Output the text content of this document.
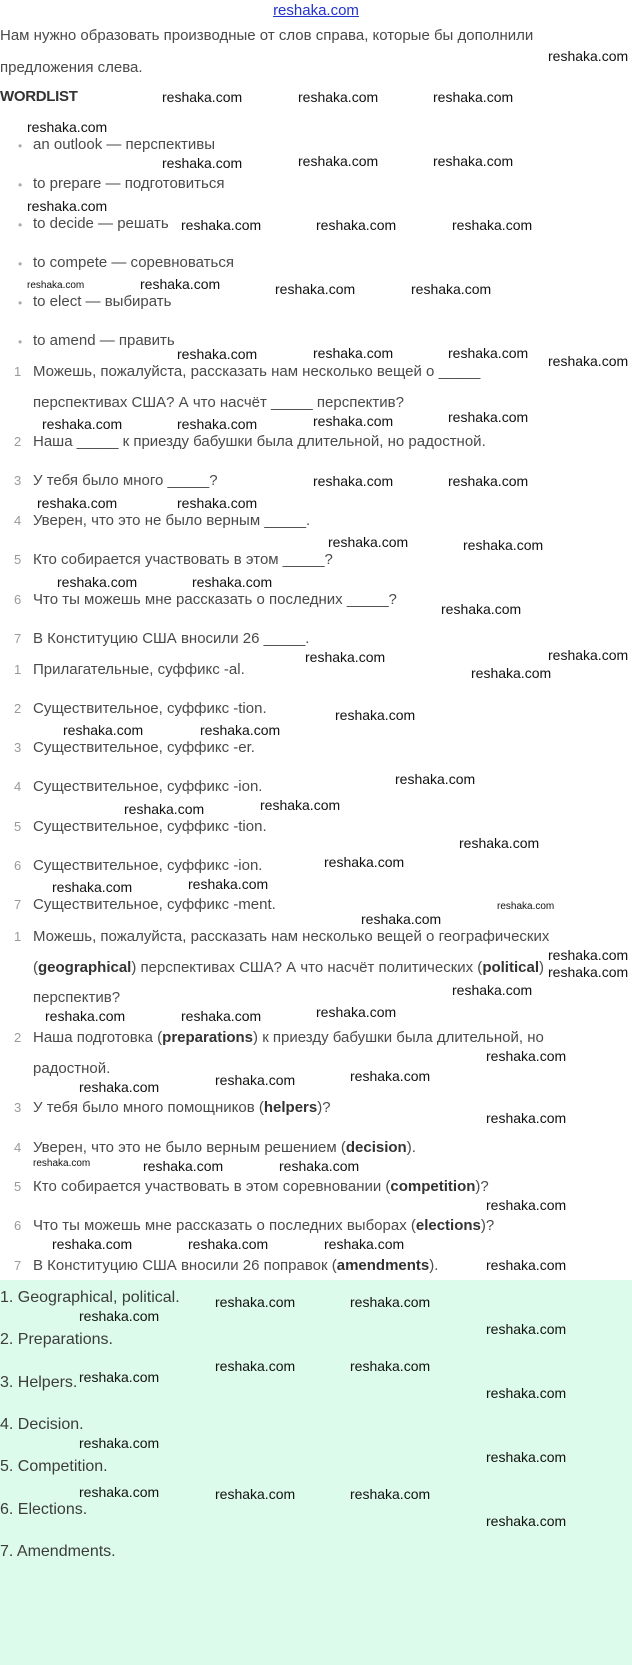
reshaka.com
Нам нужно образовать производные от слов справа, которые бы дополнили
предложения слева.
WORDLIST
• an outlook — перспективы
• to prepare — подготовиться
• to decide — решать
• to compete — соревноваться
• to elect — выбирать
• to amend — править
1 Можешь, пожалуйста, рассказать нам несколько вещей о _____
перспективах США? А что насчёт _____ перспектив?
2 Наша _____ к приезду бабушки была длительной, но радостной.
3 У тебя было много _____?
4 Уверен, что это не было верным _____.
5 Кто собирается участвовать в этом _____?
6 Что ты можешь мне рассказать о последних _____?
7 В Конституцию США вносили 26 _____.
1 Прилагательные, суффикс -al.
2 Существительное, суффикс -tion.
3 Существительное, суффикс -er.
4 Существительное, суффикс -ion.
5 Существительное, суффикс -tion.
6 Существительное, суффикс -ion.
7 Существительное, суффикс -ment.
1 Можешь, пожалуйста, рассказать нам несколько вещей о географических
(geographical) перспективах США? А что насчёт политических (political)
перспектив?
2 Наша подготовка (preparations) к приезду бабушки была длительной, но
радостной.
3 У тебя было много помощников (helpers)?
4 Уверен, что это не было верным решением (decision).
5 Кто собирается участвовать в этом соревновании (competition)?
6 Что ты можешь мне рассказать о последних выборах (elections)?
7 В Конституцию США вносили 26 поправок (amendments).
1. Geographical, political.
2. Preparations.
3. Helpers.
4. Decision.
5. Competition.
6. Elections.
7. Amendments.
reshaka.com
reshaka.com	reshaka.com	reshaka.com
reshaka.com
reshaka.com	reshaka.com	reshaka.com
reshaka.com
reshaka.com	reshaka.com	reshaka.com
reshaka.com	reshaka.com	reshaka.com	reshaka.com
reshaka.com
reshaka.com	reshaka.com	reshaka.com
reshaka.com	reshaka.com
reshaka.com	reshaka.com
reshaka.com	reshaka.com
reshaka.com	reshaka.com
reshaka.com	reshaka.com
reshaka.com	reshaka.com
reshaka.com
reshaka.com
reshaka.com
reshaka.com
reshaka.com
reshaka.com	reshaka.com
reshaka.com
reshaka.com
reshaka.com
reshaka.com
reshaka.com
reshaka.com	reshaka.com
reshaka.com
reshaka.com
reshaka.com
reshaka.com
reshaka.com
reshaka.com	reshaka.com	reshaka.com
reshaka.com
reshaka.com	reshaka.com	reshaka.com
reshaka.com
reshaka.com	reshaka.com	reshaka.com
reshaka.com
reshaka.com	reshaka.com	reshaka.com
reshaka.com
reshaka.com	reshaka.com
reshaka.com
reshaka.com
reshaka.com	reshaka.com
reshaka.com
reshaka.com
reshaka.com
reshaka.com
reshaka.com	reshaka.com
reshaka.com
reshaka.com
